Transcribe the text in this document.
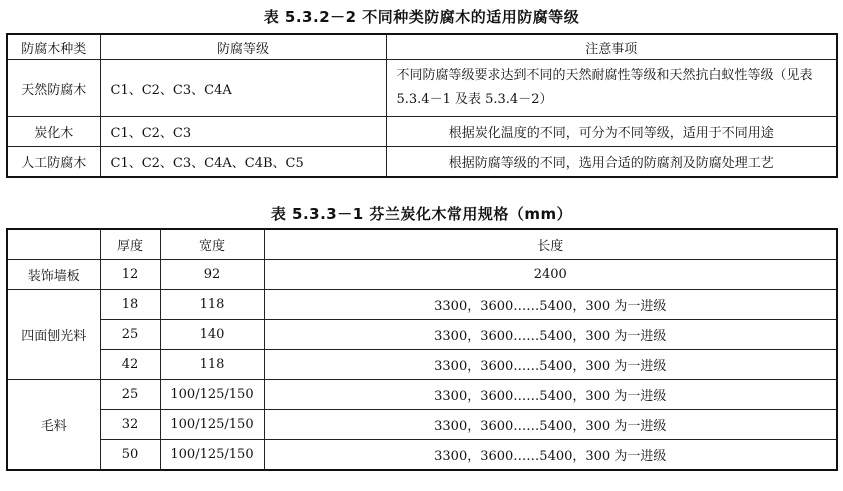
表 5.3.2－2 不同种类防腐木的适用防腐等级
防腐木种类	防腐等级	注意事项
天然防腐木	C1、C2、C3、C4A	不同防腐等级要求达到不同的天然耐腐性等级和天然抗白蚁性等级（见表 5.3.4－1 及表 5.3.4－2）
炭化木	C1、C2、C3	根据炭化温度的不同，可分为不同等级，适用于不同用途
人工防腐木	C1、C2、C3、C4A、C4B、C5	根据防腐等级的不同，选用合适的防腐剂及防腐处理工艺
表 5.3.3－1 芬兰炭化木常用规格（mm）
	厚度	宽度	长度
装饰墙板	12	92	2400
四面刨光料	18	118	3300，3600……5400，300 为一进级
	25	140	3300，3600……5400，300 为一进级
	42	118	3300，3600……5400，300 为一进级
毛料	25	100/125/150	3300，3600……5400，300 为一进级
	32	100/125/150	3300，3600……5400，300 为一进级
	50	100/125/150	3300，3600……5400，300 为一进级
